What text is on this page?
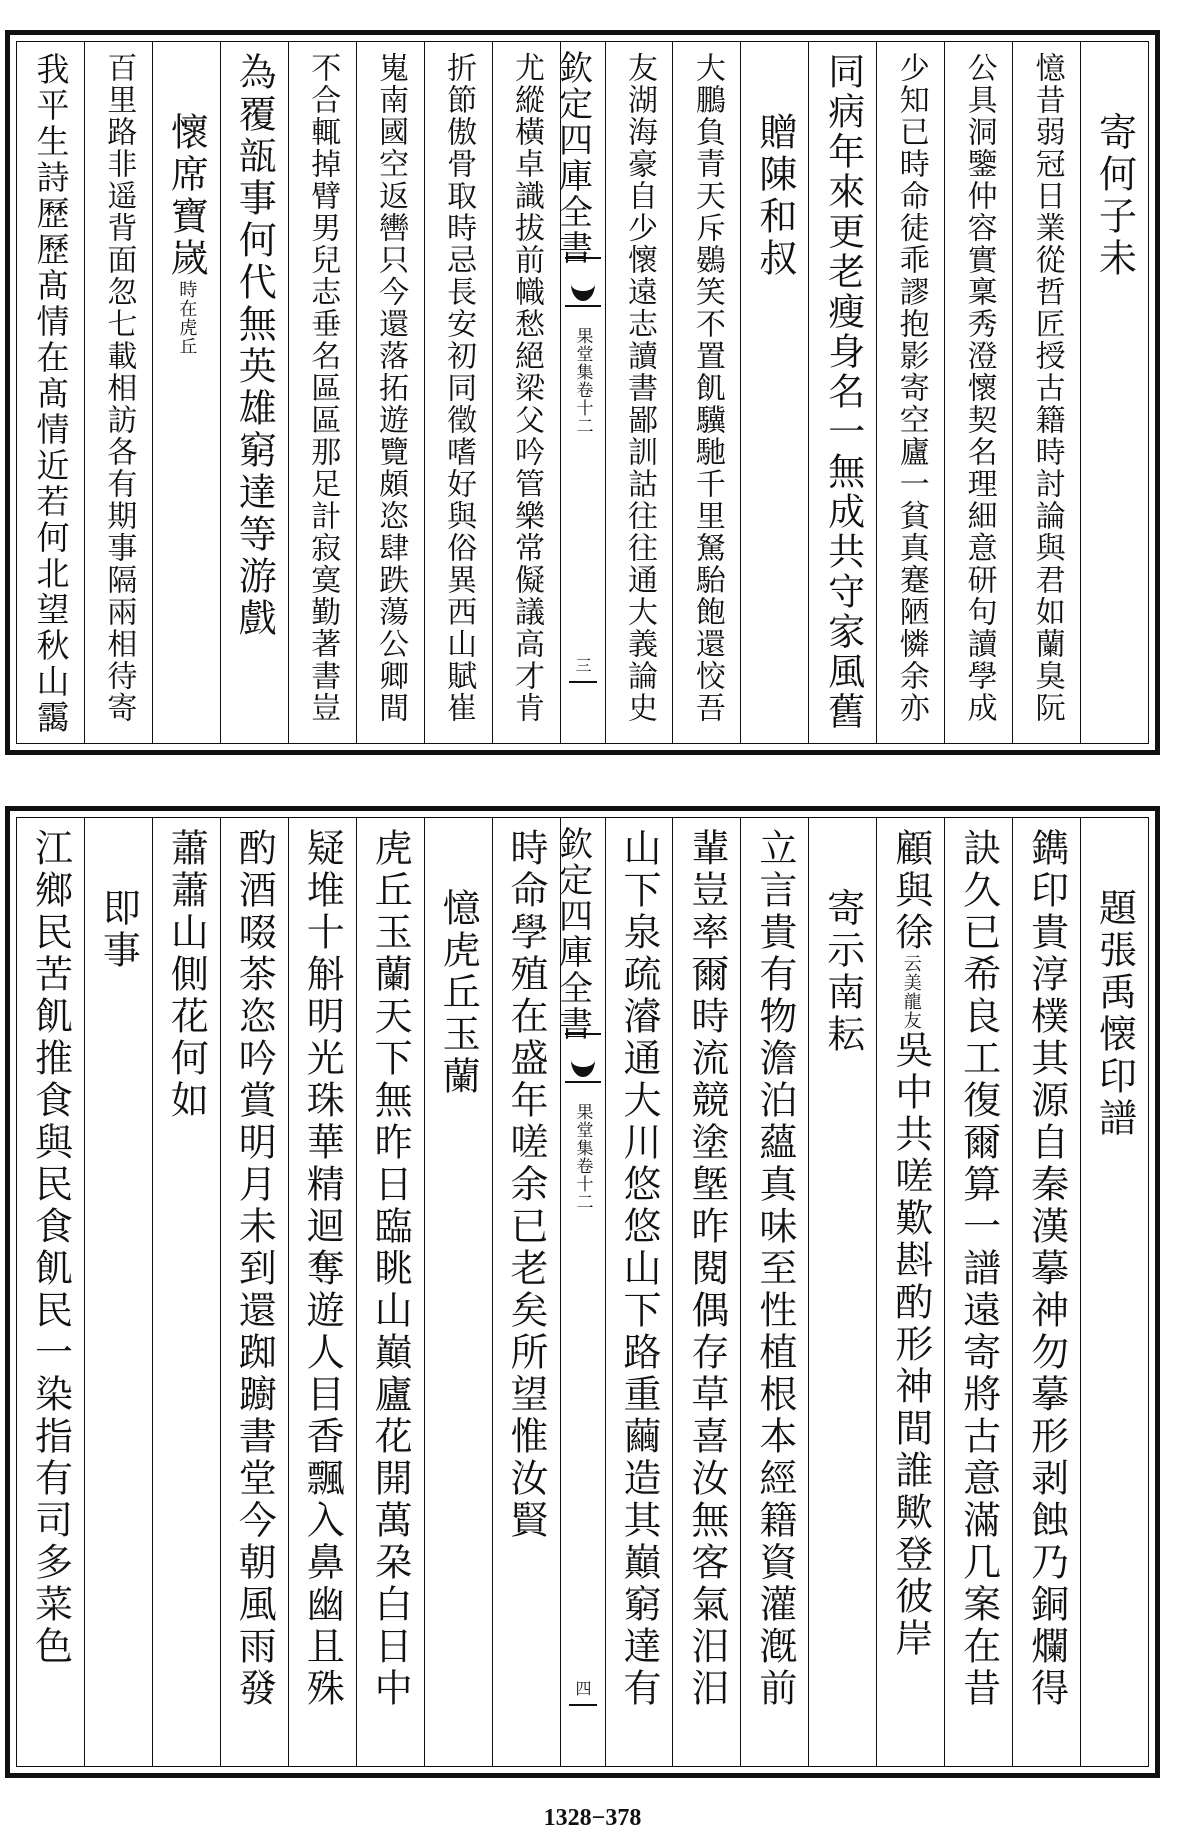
寄何子未
憶昔弱冠日業從哲匠授古籍時討論與君如蘭臭阮
公具洞鑒仲容實稟秀澄懷契名理細意研句讀學成
少知已時命徒乖謬抱影寄空廬一貧真蹇陋憐余亦
同病年來更老瘦身名一無成共守家風舊
贈陳和叔
大鵬負青天斥鷃笑不置飢驥馳千里駑駘飽還恔吾
友湖海豪自少懷遠志讀書鄙訓詁往往通大義論史
欽定四庫全書
果堂集卷十二
三
尤縱橫卓識拔前幟愁絕梁父吟管樂常儗議高才肯
折節傲骨取時忌長安初同徵嗜好與俗異西山賦崔
嵬南國空返轡只今還落拓遊覽頗恣肆跌蕩公卿間
不合輒掉臂男兒志垂名區區那足計寂寞勤著書豈
為覆瓿事何代無英雄窮達等游戲
懷席寶嵗時在虎丘
百里路非遥背面忽七載相訪各有期事隔兩相待寄
我平生詩歷歷髙情在髙情近若何北望秋山靄
題張禹懐印譜
鐫印貴淳樸其源自秦漢摹神勿摹形剥蝕乃銅爛得
訣久已希良工復爾算一譜遠寄將古意滿几案在昔
顧與徐云美龍友吳中共嗟歎斟酌形神間誰歟登彼岸
寄示南耘
立言貴有物澹泊蘊真味至性植根本經籍資灌漑前
輩豈率爾時流競塗墍昨閱偶存草喜汝無客氣汨汨
山下泉疏濬通大川悠悠山下路重繭造其巔窮達有
欽定四庫全書
果堂集卷十二
四
時命學殖在盛年嗟余已老矣所望惟汝賢
憶虎丘玉蘭
虎丘玉蘭天下無昨日臨眺山巔廬花開萬朶白日中
疑堆十斛明光珠華精迴奪遊人目香飄入鼻幽且殊
酌酒啜茶恣吟賞明月未到還踟躕書堂今朝風雨發
蕭蕭山側花何如
即事
江鄉民苦飢推食與民食飢民一染指有司多菜色
1328−378
